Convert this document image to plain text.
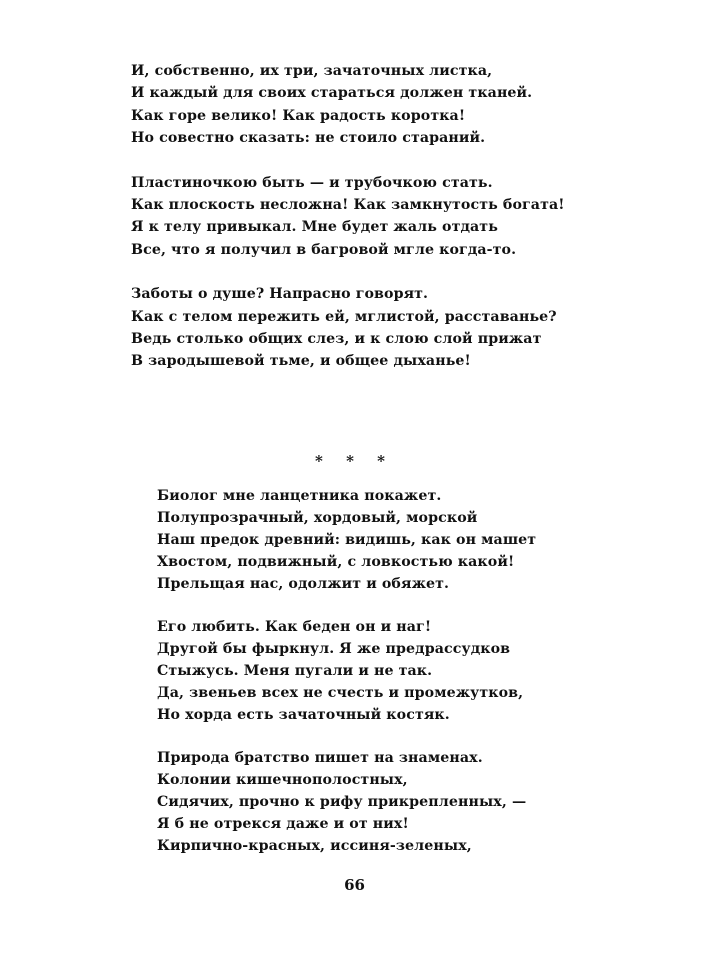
И, собственно, их три, зачаточных листка,
И каждый для своих стараться должен тканей.
Как горе велико! Как радость коротка!
Но совестно сказать: не стоило стараний.
Пластиночкою быть — и трубочкою стать.
Как плоскость несложна! Как замкнутость богата!
Я к телу привыкал. Мне будет жаль отдать
Все, что я получил в багровой мгле когда-то.
Заботы о душе? Напрасно говорят.
Как с телом пережить ей, мглистой, расставанье?
Ведь столько общих слез, и к слою слой прижат
В зародышевой тьме, и общее дыханье!
* * *
Биолог мне ланцетника покажет.
Полупрозрачный, хордовый, морской
Наш предок древний: видишь, как он машет
Хвостом, подвижный, с ловкостью какой!
Прельщая нас, одолжит и обяжет.
Его любить. Как беден он и наг!
Другой бы фыркнул. Я же предрассудков
Стыжусь. Меня пугали и не так.
Да, звеньев всех не счесть и промежутков,
Но хорда есть зачаточный костяк.
Природа братство пишет на знаменах.
Колонии кишечнополостных,
Сидячих, прочно к рифу прикрепленных, —
Я б не отрекся даже и от них!
Кирпично-красных, иссиня-зеленых,
66
